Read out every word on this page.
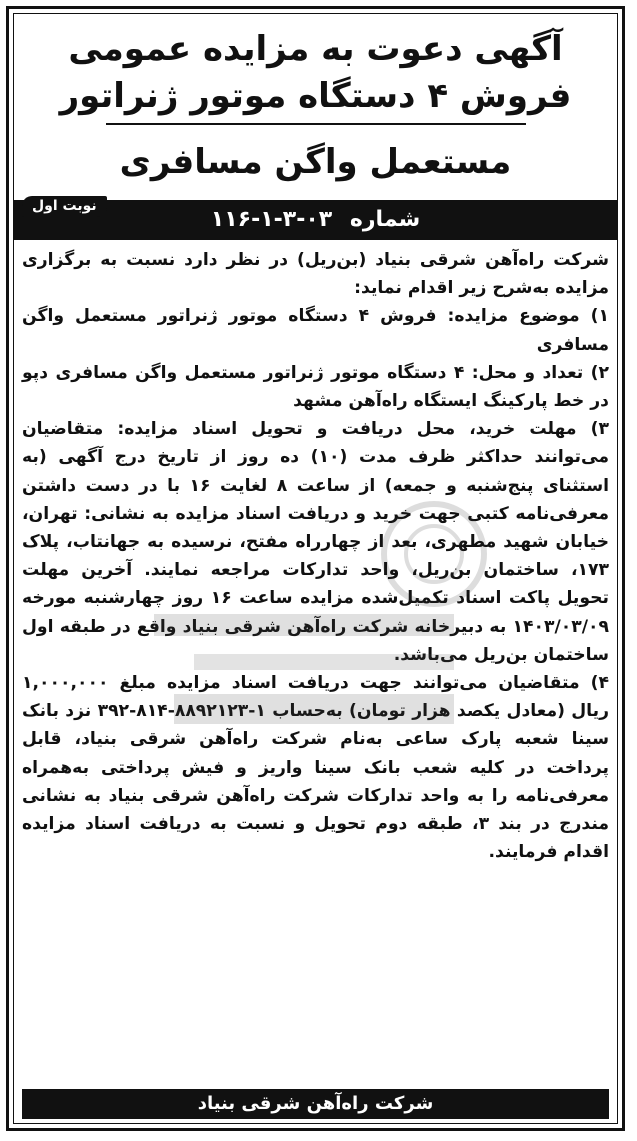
آگهی دعوت به مزایده عمومی
فروش ۴ دستگاه موتور ژنراتور
مستعمل واگن مسافری
شماره ۰۳-۳-۱-۱۱۶
نوبت اول

شرکت راه‌آهن شرقی بنیاد (بن‌ریل) در نظر دارد نسبت به برگزاری مزایده به‌شرح زیر اقدام نماید:

۱) موضوع مزایده: فروش ۴ دستگاه موتور ژنراتور مستعمل واگن مسافری

۲) تعداد و محل: ۴ دستگاه موتور ژنراتور مستعمل واگن مسافری دپو در خط پارکینگ ایستگاه راه‌آهن مشهد

۳) مهلت خرید، محل دریافت و تحویل اسناد مزایده: متقاضیان می‌توانند حداکثر ظرف مدت (۱۰) ده روز از تاریخ درج آگهی (به استثنای پنج‌شنبه و جمعه) از ساعت ۸ لغایت ۱۶ با در دست داشتن معرفی‌نامه کتبی جهت خرید و دریافت اسناد مزایده به نشانی: تهران، خیابان شهید مطهری، بعد از چهارراه مفتح، نرسیده به جهانتاب، پلاک ۱۷۳، ساختمان بن‌ریل، واحد تدارکات مراجعه نمایند. آخرین مهلت تحویل پاکت اسناد تکمیل‌شده مزایده ساعت ۱۶ روز چهارشنبه مورخه ۱۴۰۳/۰۳/۰۹ به دبیرخانه شرکت راه‌آهن شرقی بنیاد واقع در طبقه اول ساختمان بن‌ریل می‌باشد.

۴) متقاضیان می‌توانند جهت دریافت اسناد مزایده مبلغ ۱,۰۰۰,۰۰۰ ریال (معادل یکصد هزار تومان) به‌حساب ۱-۸۸۹۲۱۲۳-۸۱۴-۳۹۲ نزد بانک سینا شعبه پارک ساعی به‌نام شرکت راه‌آهن شرقی بنیاد، قابل پرداخت در کلیه شعب بانک سینا واریز و فیش پرداختی به‌همراه معرفی‌نامه را به واحد تدارکات شرکت راه‌آهن شرقی بنیاد به نشانی مندرج در بند ۳، طبقه دوم تحویل و نسبت به دریافت اسناد مزایده اقدام فرمایند.

شرکت راه‌آهن شرقی بنیاد
